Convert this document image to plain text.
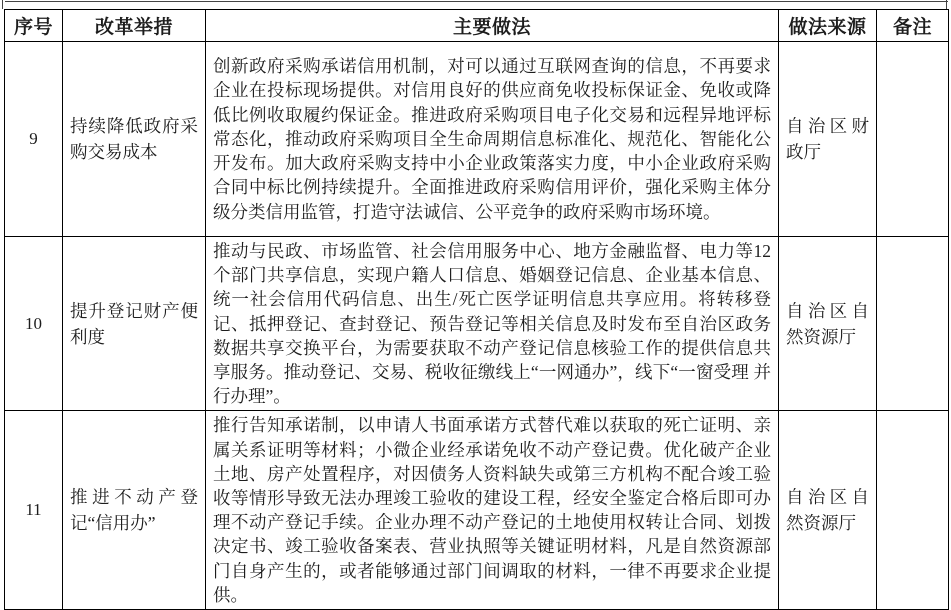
序号	改革举措	主要做法	做法来源	备注
9	持续降低政府采购交易成本	创新政府采购承诺信用机制，对可以通过互联网查询的信息，不再要求企业在投标现场提供。对信用良好的供应商免收投标保证金、免收或降低比例收取履约保证金。推进政府采购项目电子化交易和远程异地评标常态化，推动政府采购项目全生命周期信息标准化、规范化、智能化公开发布。加大政府采购支持中小企业政策落实力度，中小企业政府采购合同中标比例持续提升。全面推进政府采购信用评价，强化采购主体分级分类信用监管，打造守法诚信、公平竞争的政府采购市场环境。	自治区财政厅	
10	提升登记财产便利度	推动与民政、市场监管、社会信用服务中心、地方金融监督、电力等12个部门共享信息，实现户籍人口信息、婚姻登记信息、企业基本信息、统一社会信用代码信息、出生/死亡医学证明信息共享应用。将转移登记、抵押登记、查封登记、预告登记等相关信息及时发布至自治区政务数据共享交换平台，为需要获取不动产登记信息核验工作的提供信息共享服务。推动登记、交易、税收征缴线上“一网通办”，线下“一窗受理 并行办理”。	自治区自然资源厅	
11	推进不动产登记“信用办”	推行告知承诺制，以申请人书面承诺方式替代难以获取的死亡证明、亲属关系证明等材料；小微企业经承诺免收不动产登记费。优化破产企业土地、房产处置程序，对因债务人资料缺失或第三方机构不配合竣工验收等情形导致无法办理竣工验收的建设工程，经安全鉴定合格后即可办理不动产登记手续。企业办理不动产登记的土地使用权转让合同、划拨决定书、竣工验收备案表、营业执照等关键证明材料，凡是自然资源部门自身产生的，或者能够通过部门间调取的材料，一律不再要求企业提供。	自治区自然资源厅	
